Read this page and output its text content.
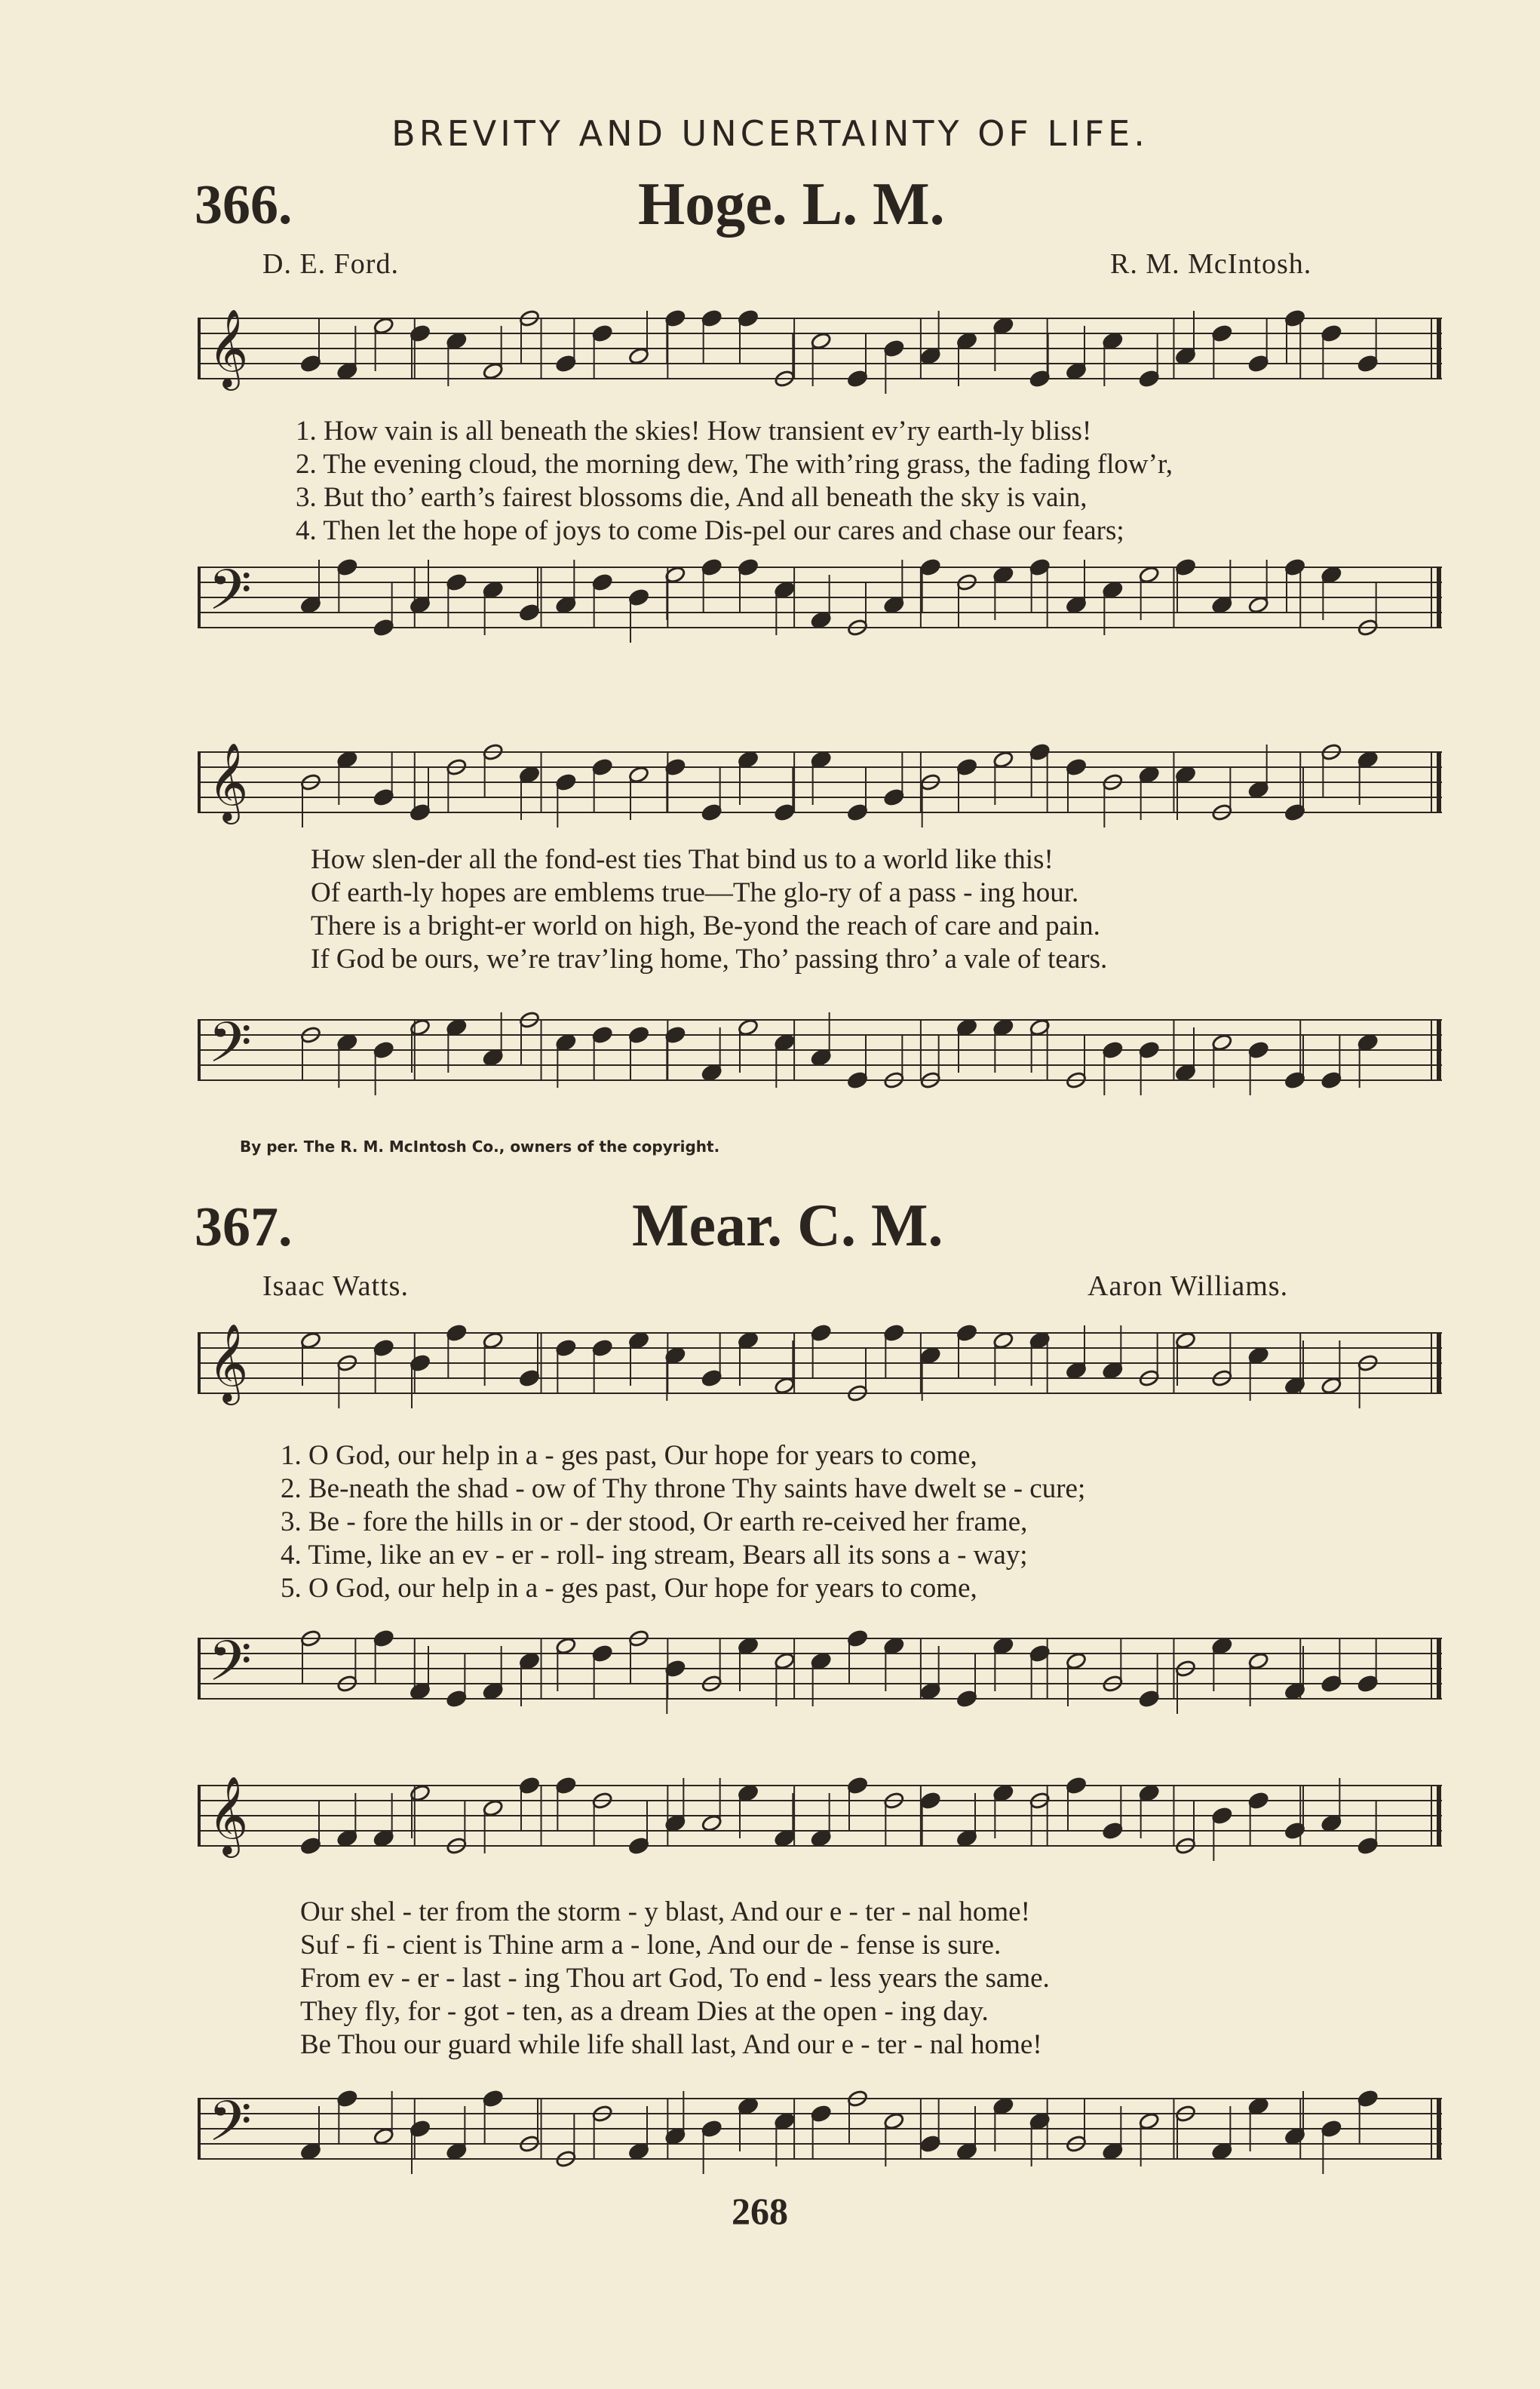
BREVITY AND UNCERTAINTY OF LIFE.
366.	Hoge. L. M.
D. E. Ford.	R. M. McIntosh.
𝄞
1. How vain is all beneath the skies! How transient ev’ry earth-ly bliss!
2. The evening cloud, the morning dew, The with’ring grass, the fading flow’r,
3. But tho’ earth’s fairest blossoms die, And all beneath the sky is vain,
4. Then let the hope of joys to come Dis-pel our cares and chase our fears;
𝄢
𝄞
How slen-der all the fond-est ties That bind us to a world like this!
Of earth-ly hopes are emblems true—The glo-ry of a pass - ing hour.
There is a bright-er world on high, Be-yond the reach of care and pain.
If God be ours, we’re trav’ling home, Tho’ passing thro’ a vale of tears.
𝄢
By per. The R. M. McIntosh Co., owners of the copyright.
367.	Mear. C. M.
Isaac Watts.	Aaron Williams.
𝄞
1. O God, our help in a - ges past, Our hope for years to come,
2. Be-neath the shad - ow of Thy throne Thy saints have dwelt se - cure;
3. Be - fore the hills in or - der stood, Or earth re-ceived her frame,
4. Time, like an ev - er - roll- ing stream, Bears all its sons a - way;
5. O God, our help in a - ges past, Our hope for years to come,
𝄢
𝄞
Our shel - ter from the storm - y blast, And our e - ter - nal home!
Suf - fi - cient is Thine arm a - lone, And our de - fense is sure.
From ev - er - last - ing Thou art God, To end - less years the same.
They fly, for - got - ten, as a dream Dies at the open - ing day.
Be Thou our guard while life shall last, And our e - ter - nal home!
𝄢
268
